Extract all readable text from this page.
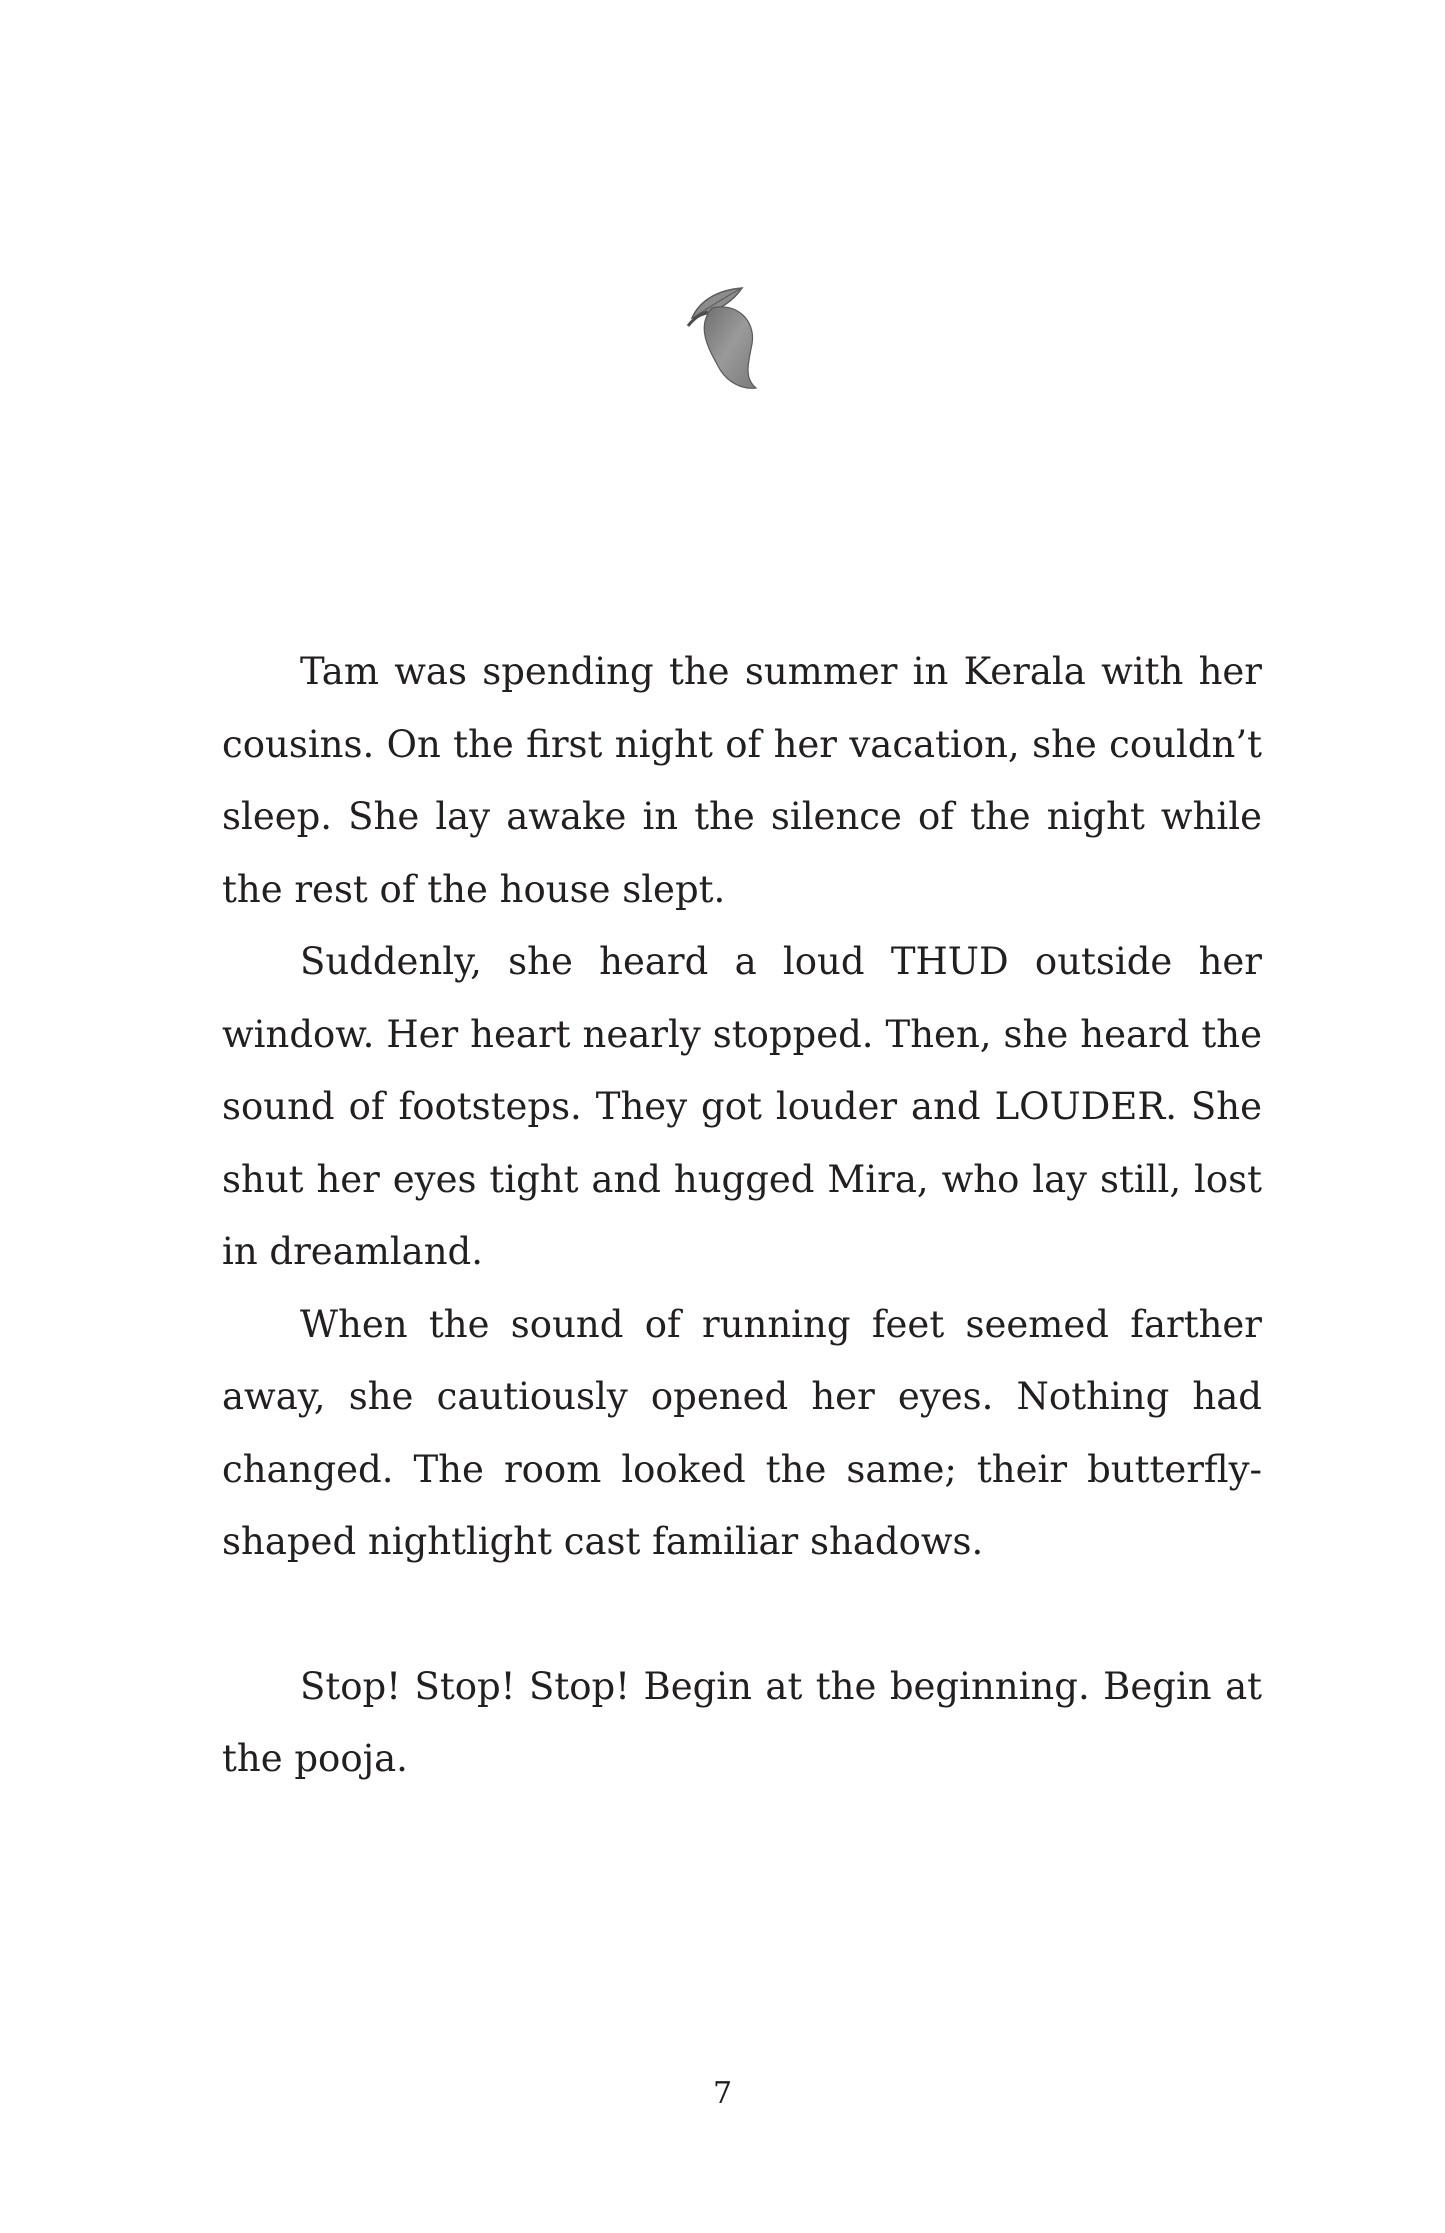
Tam was spending the summer in Kerala with her cousins. On the first night of her vacation, she couldn’t sleep. She lay awake in the silence of the night while the rest of the house slept.

Suddenly, she heard a loud THUD outside her window. Her heart nearly stopped. Then, she heard the sound of footsteps. They got louder and LOUDER. She shut her eyes tight and hugged Mira, who lay still, lost in dreamland.

When the sound of running feet seemed farther away, she cautiously opened her eyes. Nothing had changed. The room looked the same; their butterfly-shaped nightlight cast familiar shadows.

Stop! Stop! Stop! Begin at the beginning. Begin at the pooja.

7
